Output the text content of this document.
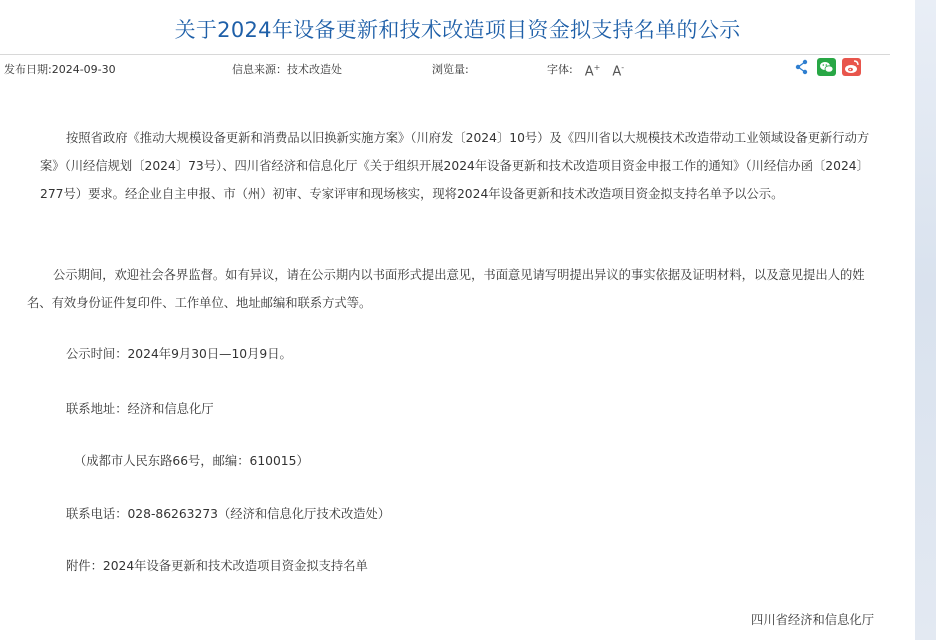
关于2024年设备更新和技术改造项目资金拟支持名单的公示
发布日期:2024-09-30	信息来源：技术改造处	浏览量:	字体: A+ A-

按照省政府《推动大规模设备更新和消费品以旧换新实施方案》（川府发〔2024〕10号）及《四川省以大规模技术改造带动工业领域设备更新行动方案》（川经信规划〔2024〕73号）、四川省经济和信息化厅《关于组织开展2024年设备更新和技术改造项目资金申报工作的通知》（川经信办函〔2024〕277号）要求。经企业自主申报、市（州）初审、专家评审和现场核实，现将2024年设备更新和技术改造项目资金拟支持名单予以公示。

公示期间，欢迎社会各界监督。如有异议，请在公示期内以书面形式提出意见，书面意见请写明提出异议的事实依据及证明材料，以及意见提出人的姓名、有效身份证件复印件、工作单位、地址邮编和联系方式等。

公示时间：2024年9月30日—10月9日。

联系地址：经济和信息化厅

（成都市人民东路66号，邮编：610015）

联系电话：028-86263273（经济和信息化厅技术改造处）

附件：2024年设备更新和技术改造项目资金拟支持名单

四川省经济和信息化厅
